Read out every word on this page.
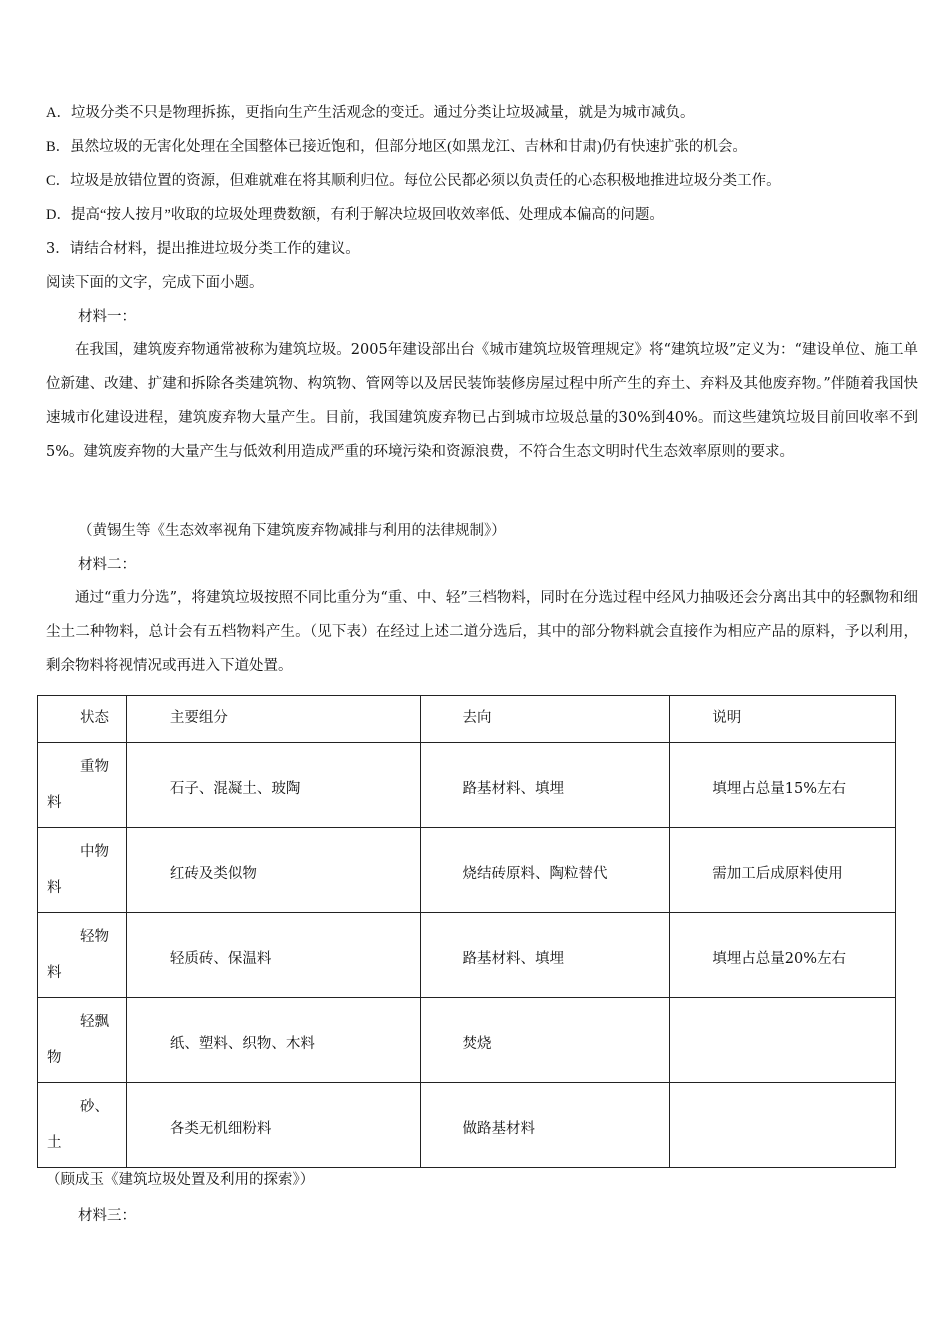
A．垃圾分类不只是物理拆拣，更指向生产生活观念的变迁。通过分类让垃圾减量，就是为城市减负。
B．虽然垃圾的无害化处理在全国整体已接近饱和，但部分地区(如黑龙江、吉林和甘肃)仍有快速扩张的机会。
C．垃圾是放错位置的资源，但难就难在将其顺利归位。每位公民都必须以负责任的心态积极地推进垃圾分类工作。
D．提高“按人按月”收取的垃圾处理费数额，有利于解决垃圾回收效率低、处理成本偏高的问题。
3．请结合材料，提出推进垃圾分类工作的建议。
阅读下面的文字，完成下面小题。
材料一：
在我国，建筑废弃物通常被称为建筑垃圾。2005年建设部出台《城市建筑垃圾管理规定》将“建筑垃圾”定义为：“建设单位、施工单位新建、改建、扩建和拆除各类建筑物、构筑物、管网等以及居民装饰装修房屋过程中所产生的弃土、弃料及其他废弃物。”伴随着我国快速城市化建设进程，建筑废弃物大量产生。目前，我国建筑废弃物已占到城市垃圾总量的30%到40%。而这些建筑垃圾目前回收率不到5%。建筑废弃物的大量产生与低效利用造成严重的环境污染和资源浪费，不符合生态文明时代生态效率原则的要求。
（黄锡生等《生态效率视角下建筑废弃物减排与利用的法律规制》）
材料二：
通过“重力分选”，将建筑垃圾按照不同比重分为“重、中、轻”三档物料，同时在分选过程中经风力抽吸还会分离出其中的轻飘物和细尘土二种物料，总计会有五档物料产生。（见下表）在经过上述二道分选后，其中的部分物料就会直接作为相应产品的原料，予以利用，剩余物料将视情况或再进入下道处置。
状态	主要组分	去向	说明

重物
料	石子、混凝土、玻陶	路基材料、填埋	填埋占总量15%左右

中物
料	红砖及类似物	烧结砖原料、陶粒替代	需加工后成原料使用

轻物
料	轻质砖、保温料	路基材料、填埋	填埋占总量20%左右

轻飘
物	纸、塑料、织物、木料	焚烧	

砂、
土	各类无机细粉料	做路基材料	

（顾成玉《建筑垃圾处置及利用的探索》）
材料三：
